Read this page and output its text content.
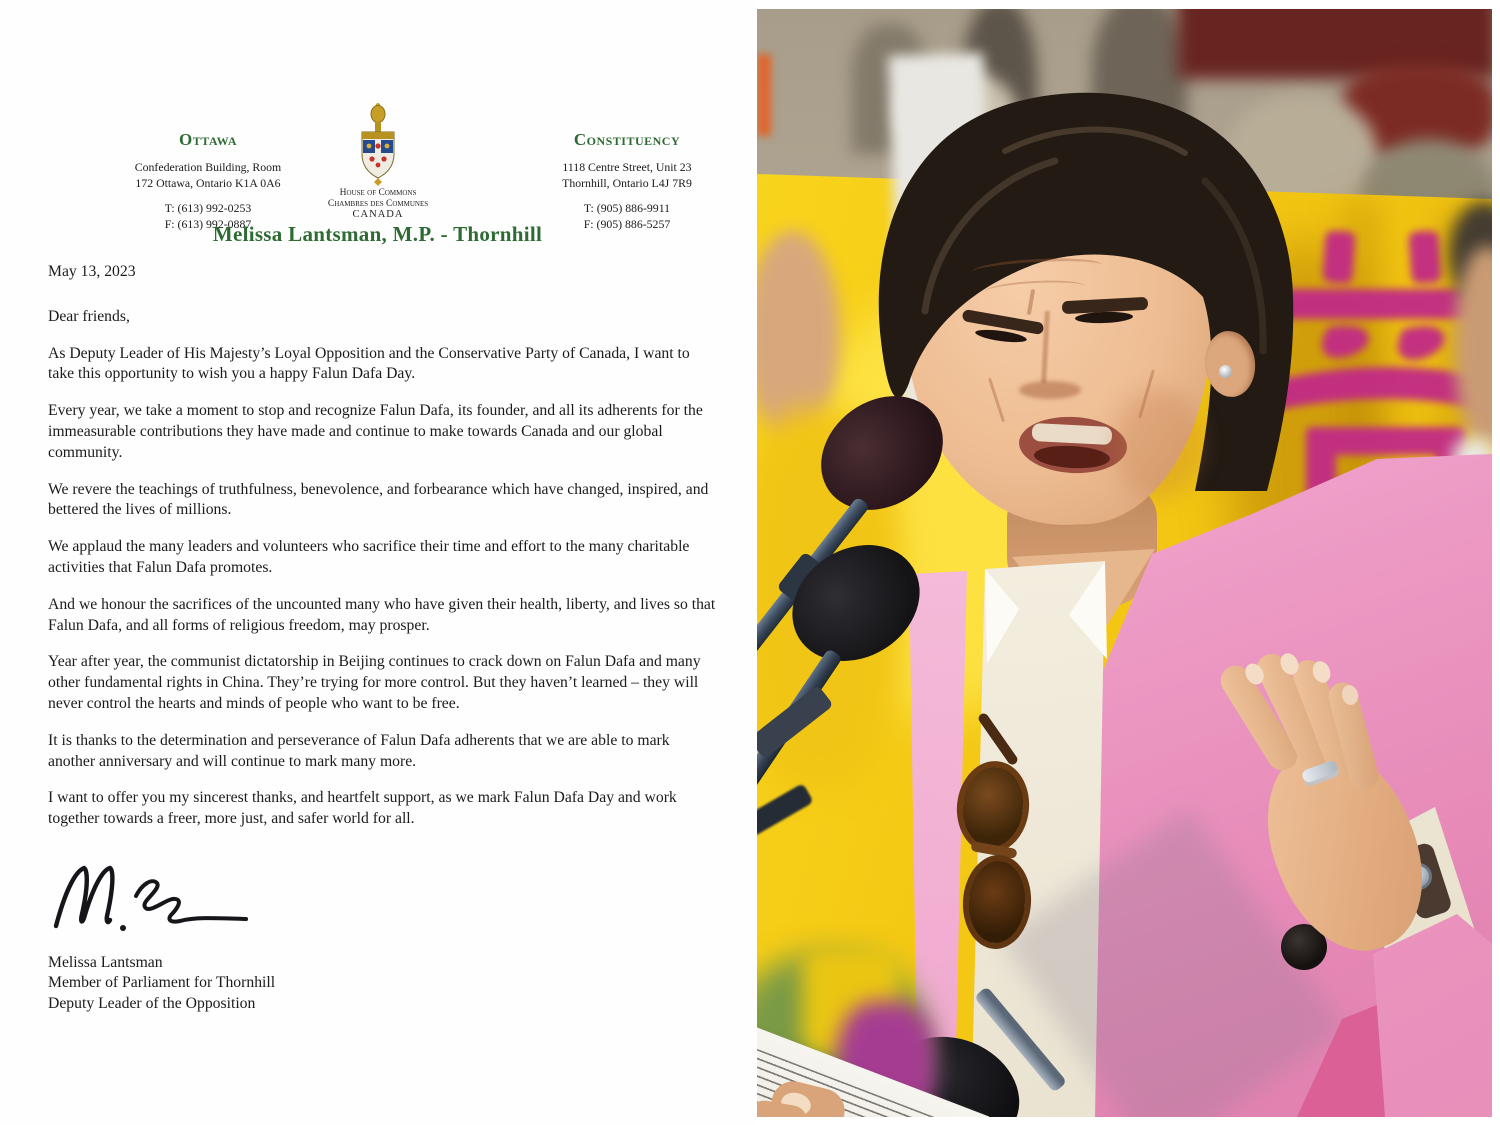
Ottawa
Confederation Building, Room
172 Ottawa, Ontario K1A 0A6
T: (613) 992-0253
F: (613) 992-0887
House of Commons
Chambres des Communes
CANADA
Constituency
1118 Centre Street, Unit 23
Thornhill, Ontario L4J 7R9
T: (905) 886-9911
F: (905) 886-5257
Melissa Lantsman, M.P. - Thornhill

May 13, 2023

Dear friends,

As Deputy Leader of His Majesty’s Loyal Opposition and the Conservative Party of Canada, I want to take this opportunity to wish you a happy Falun Dafa Day.

Every year, we take a moment to stop and recognize Falun Dafa, its founder, and all its adherents for the immeasurable contributions they have made and continue to make towards Canada and our global community.

We revere the teachings of truthfulness, benevolence, and forbearance which have changed, inspired, and bettered the lives of millions.

We applaud the many leaders and volunteers who sacrifice their time and effort to the many charitable activities that Falun Dafa promotes.

And we honour the sacrifices of the uncounted many who have given their health, liberty, and lives so that Falun Dafa, and all forms of religious freedom, may prosper.

Year after year, the communist dictatorship in Beijing continues to crack down on Falun Dafa and many other fundamental rights in China. They’re trying for more control. But they haven’t learned – they will never control the hearts and minds of people who want to be free.

It is thanks to the determination and perseverance of Falun Dafa adherents that we are able to mark another anniversary and will continue to mark many more.

I want to offer you my sincerest thanks, and heartfelt support, as we mark Falun Dafa Day and work together towards a freer, more just, and safer world for all.

Melissa Lantsman
Member of Parliament for Thornhill
Deputy Leader of the Opposition
